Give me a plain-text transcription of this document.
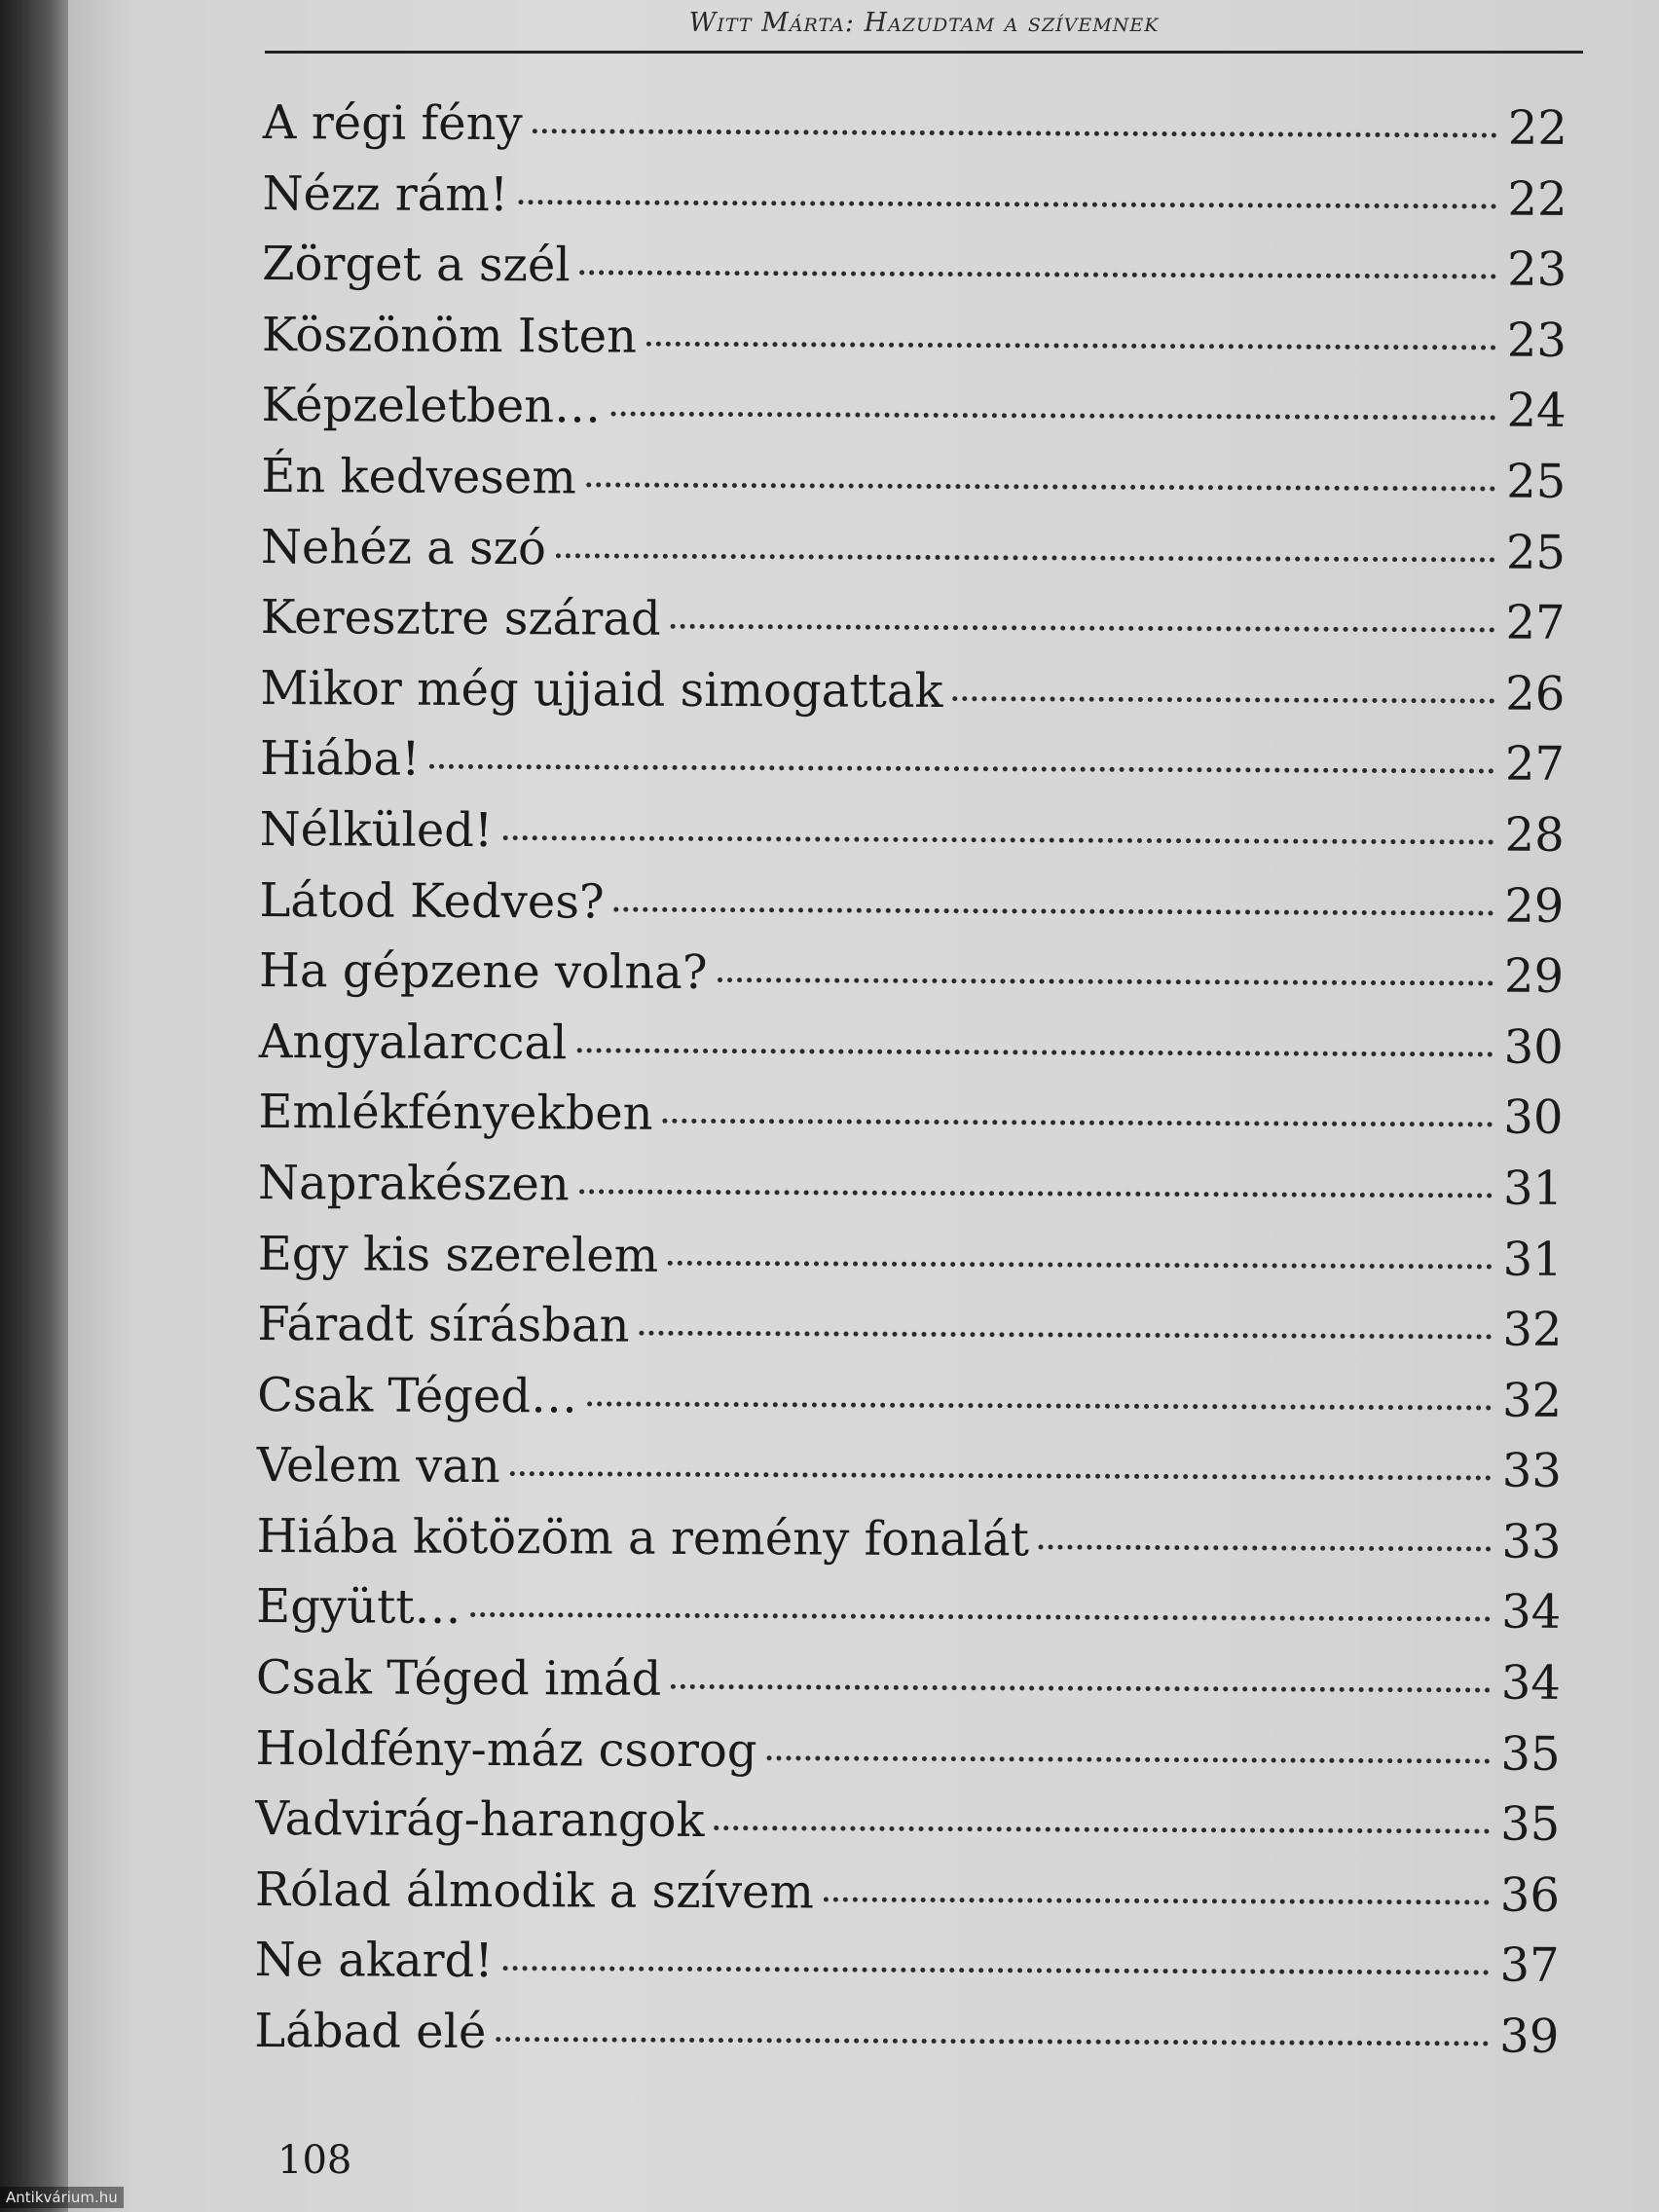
Witt Márta: Hazudtam a szívemnek
A régi fény	22
Nézz rám!	22
Zörget a szél	23
Köszönöm Isten	23
Képzeletben…	24
Én kedvesem	25
Nehéz a szó	25
Keresztre szárad	27
Mikor még ujjaid simogattak	26
Hiába!	27
Nélküled!	28
Látod Kedves?	29
Ha gépzene volna?	29
Angyalarccal	30
Emlékfényekben	30
Naprakészen	31
Egy kis szerelem	31
Fáradt sírásban	32
Csak Téged…	32
Velem van	33
Hiába kötözöm a remény fonalát	33
Együtt…	34
Csak Téged imád	34
Holdfény-máz csorog	35
Vadvirág-harangok	35
Rólad álmodik a szívem	36
Ne akard!	37
Lábad elé	39
108
Antikvárium.hu
